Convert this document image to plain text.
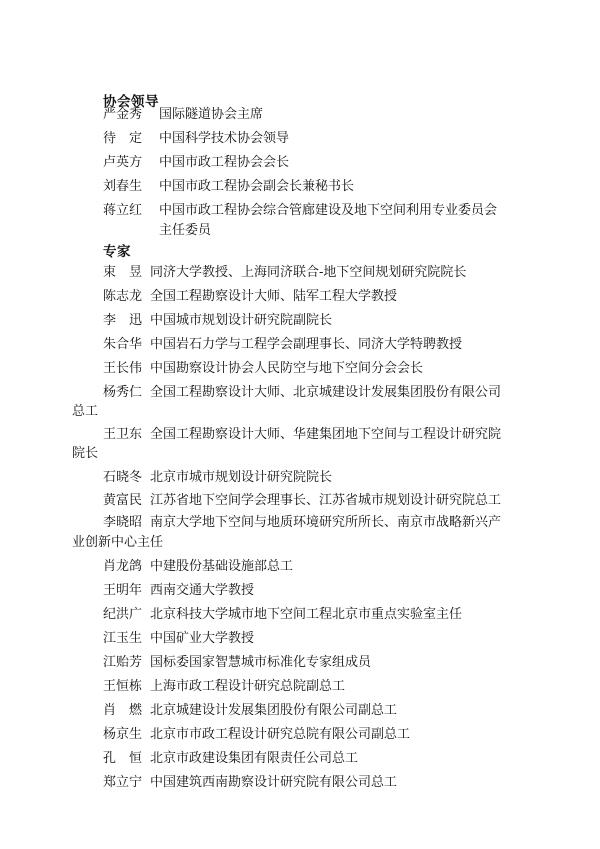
协会领导
严金秀 国际隧道协会主席
待　定 中国科学技术协会领导
卢英方 中国市政工程协会会长
刘春生 中国市政工程协会副会长兼秘书长
蒋立红 中国市政工程协会综合管廊建设及地下空间利用专业委员会
主任委员
专家
束　昱 同济大学教授、上海同济联合-地下空间规划研究院院长
陈志龙 全国工程勘察设计大师、陆军工程大学教授
李　迅 中国城市规划设计研究院副院长
朱合华 中国岩石力学与工程学会副理事长、同济大学特聘教授
王长伟 中国勘察设计协会人民防空与地下空间分会会长
杨秀仁 全国工程勘察设计大师、北京城建设计发展集团股份有限公司
总工
王卫东 全国工程勘察设计大师、华建集团地下空间与工程设计研究院
院长
石晓冬 北京市城市规划设计研究院院长
黄富民 江苏省地下空间学会理事长、江苏省城市规划设计研究院总工
李晓昭 南京大学地下空间与地质环境研究所所长、南京市战略新兴产
业创新中心主任
肖龙鸽 中建股份基础设施部总工
王明年 西南交通大学教授
纪洪广 北京科技大学城市地下空间工程北京市重点实验室主任
江玉生 中国矿业大学教授
江贻芳 国标委国家智慧城市标准化专家组成员
王恒栋 上海市政工程设计研究总院副总工
肖　燃 北京城建设计发展集团股份有限公司副总工
杨京生 北京市市政工程设计研究总院有限公司副总工
孔　恒 北京市政建设集团有限责任公司总工
郑立宁 中国建筑西南勘察设计研究院有限公司总工
